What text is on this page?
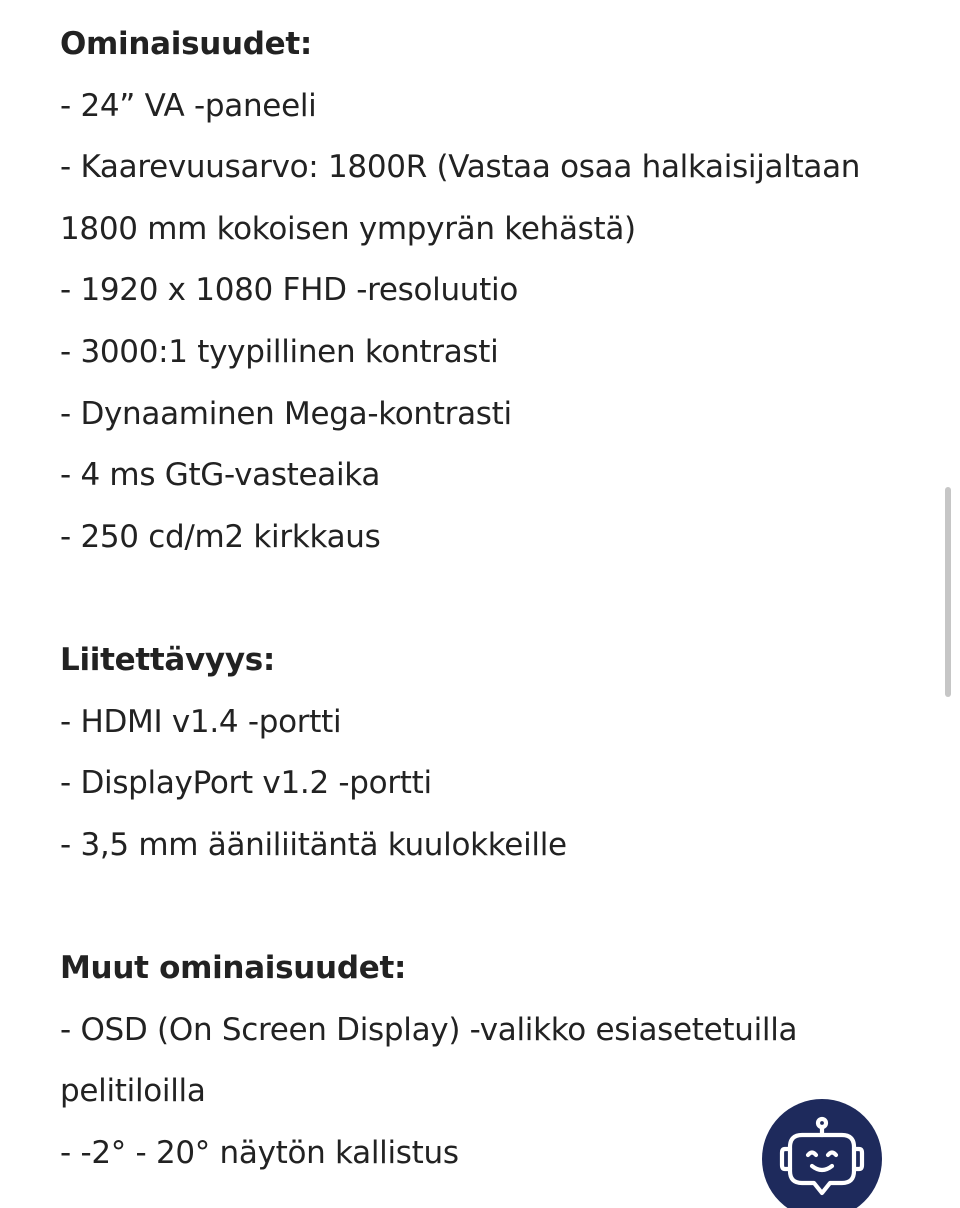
Ominaisuudet:

- 24” VA -paneeli
- Kaarevuusarvo: 1800R (Vastaa osaa halkaisijaltaan 1800 mm kokoisen ympyrän kehästä)
- 1920 x 1080 FHD -resoluutio
- 3000:1 tyypillinen kontrasti
- Dynaaminen Mega-kontrasti
- 4 ms GtG-vasteaika
- 250 cd/m2 kirkkaus

Liitettävyys:

- HDMI v1.4 -portti
- DisplayPort v1.2 -portti
- 3,5 mm ääniliitäntä kuulokkeille

Muut ominaisuudet:

- OSD (On Screen Display) -valikko esiasetetuilla pelitiloilla
- -2° - 20° näytön kallistus
